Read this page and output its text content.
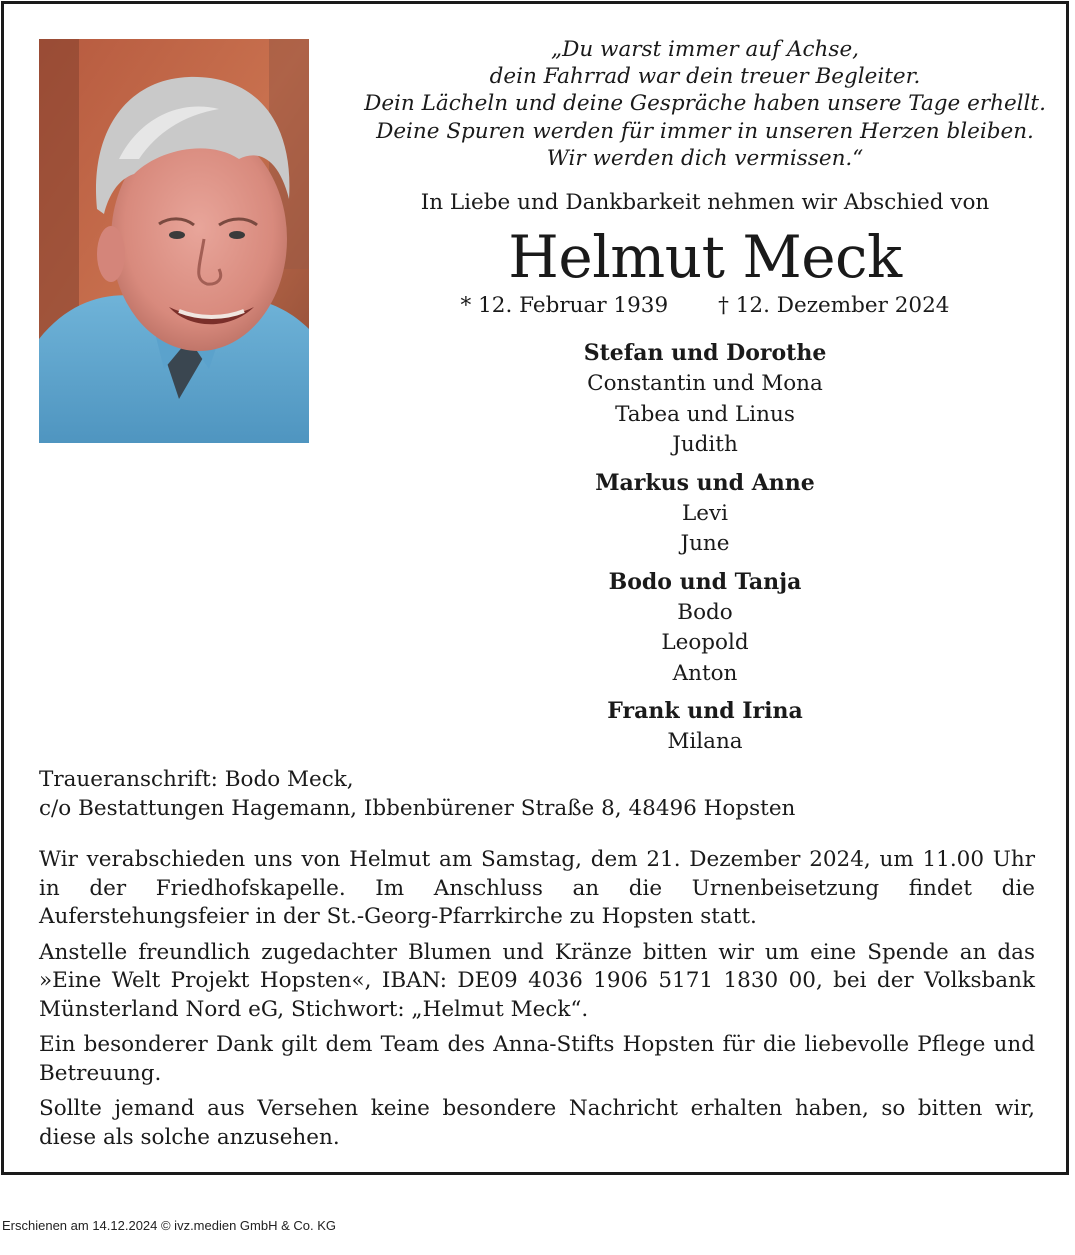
„Du warst immer auf Achse,
dein Fahrrad war dein treuer Begleiter.
Dein Lächeln und deine Gespräche haben unsere Tage erhellt.
Deine Spuren werden für immer in unseren Herzen bleiben.
Wir werden dich vermissen.“
In Liebe und Dankbarkeit nehmen wir Abschied von
Helmut Meck
* 12. Februar 1939 † 12. Dezember 2024
Stefan und Dorothe
Constantin und Mona
Tabea und Linus
Judith
Markus und Anne
Levi
June
Bodo und Tanja
Bodo
Leopold
Anton
Frank und Irina
Milana
Traueranschrift: Bodo Meck,
c/o Bestattungen Hagemann, Ibbenbürener Straße 8, 48496 Hopsten

Wir verabschieden uns von Helmut am Samstag, dem 21. Dezember 2024, um 11.00 Uhr in der Friedhofskapelle. Im Anschluss an die Urnenbeisetzung findet die Auferstehungsfeier in der St.-Georg-Pfarrkirche zu Hopsten statt.

Anstelle freundlich zugedachter Blumen und Kränze bitten wir um eine Spende an das »Eine Welt Projekt Hopsten«, IBAN: DE09 4036 1906 5171 1830 00, bei der Volksbank Münsterland Nord eG, Stichwort: „Helmut Meck“.

Ein besonderer Dank gilt dem Team des Anna-Stifts Hopsten für die liebevolle Pflege und Betreuung.

Sollte jemand aus Versehen keine besondere Nachricht erhalten haben, so bitten wir, diese als solche anzusehen.

Erschienen am 14.12.2024 © ivz.medien GmbH & Co. KG
